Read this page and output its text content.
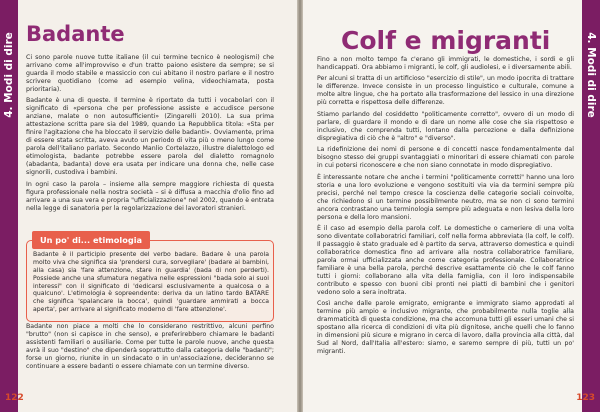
4. Modi di dire Badante

Ci sono parole nuove tutte italiane (il cui termine tecnico è neologismi) che arrivano come all'improvviso e d'un tratto paiono esistere da sempre; se si guarda il modo stabile e massiccio con cui abitano il nostro parlare e il nostro scrivere quotidiano (come ad esempio velina, videochiamata, posta prioritaria).

Badante è una di queste. Il termine è riportato da tutti i vocabolari con il significato di «persona che per professione assiste e accudisce persone anziane, malate o non autosufficienti» (Zingarelli 2010). La sua prima attestazione scritta pare sia del 1989, quando La Repubblica titola: «Sta per finire l'agitazione che ha bloccato il servizio delle badanti». Ovviamente, prima di essere stata scritta, aveva avuto un periodo di vita più o meno lungo come parola dell'italiano parlato. Secondo Manlio Cortelazzo, illustre dialettologo ed etimologista, badante potrebbe essere parola del dialetto romagnolo (abadanta, badanta) dove era usata per indicare una donna che, nelle case signorili, custodiva i bambini.

In ogni caso la parola – insieme alla sempre maggiore richiesta di questa figura professionale nella nostra società – si è diffusa a macchia d'olio fino ad arrivare a una sua vera e propria "ufficializzazione" nel 2002, quando è entrata nella legge di sanatoria per la regolarizzazione dei lavoratori stranieri.

Badante è il participio presente del verbo badare. Badare è una parola molto viva che significa sia 'prendersi cura, sorvegliare' (badare ai bambini, alla casa) sia 'fare attenzione, stare in guardia' (bada di non perderti). Possiede anche una sfumatura negativa nelle espressioni "bada solo ai suoi interessi" con il significato di 'dedicarsi esclusivamente a qualcosa o a qualcuno'. L'etimologia è sopreendente: deriva da un latino tardo BATARE che significa 'spalancare la bocca', quindi 'guardare ammirati a bocca aperta', per arrivare al significato moderno di 'fare attenzione'.
Un po' di... etimologia

Badante non piace a molti che lo considerano restrittivo, alcuni perfino "brutto" (non si capisce in che senso), e preferirebbero chiamare le badanti assistenti familiari o ausiliarie. Come per tutte le parole nuove, anche questa avrà il suo "destino" che dipenderà soprattutto dalla categoria delle "badanti"; forse un giorno, riunite in un sindacato o in un'associazione, decideranno se continuare a essere badanti o essere chiamate con un termine diverso.

122
4. Modi di dire
Colf e migranti

Fino a non molto tempo fa c'erano gli immigrati, le domestiche, i sordi e gli handicappati. Ora abbiamo i migranti, le colf, gli audiolesi, e i diversamente abili.

Per alcuni si tratta di un artificioso "esercizio di stile", un modo ipocrita di trattare le differenze. Invece consiste in un processo linguistico e culturale, comune a molte altre lingue, che ha portato alla trasformazione del lessico in una direzione più corretta e rispettosa delle differenze.

Stiamo parlando del cosiddetto "politicamente corretto", ovvero di un modo di parlare, di guardare il mondo e di dare un nome alle cose che sia rispettoso e inclusivo, che comprenda tutti, lontano dalla percezione e dalla definizione dispregiativa di ciò che è "altro" e "diverso".

La ridefinizione dei nomi di persone e di concetti nasce fondamentalmente dal bisogno stesso dei gruppi svantaggiati o minoritari di essere chiamati con parole in cui potersi riconoscere e che non siano connotate in modo dispregiativo.

È interessante notare che anche i termini "politicamente corretti" hanno una loro storia e una loro evoluzione e vengono sostituiti via via da termini sempre più precisi, perché nel tempo cresce la coscienza delle categorie sociali coinvolte, che richiedono sì un termine possibilmente neutro, ma se non ci sono termini ancora contrastano una terminologia sempre più adeguata e non lesiva della loro persona e della loro mansioni.

È il caso ad esempio della parola colf. Le domestiche o cameriere di una volta sono diventate collaboratrici familiari, colf nella forma abbreviata (la colf, le colf). Il passaggio è stato graduale ed è partito da serva, attraverso domestica e quindi collaboratrice domestica fino ad arrivare alla nostra collaboratrice familiare, parola ormai ufficializzata anche come categoria professionale. Collaboratrice familiare è una bella parola, perché descrive esattamente ciò che le colf fanno tutti i giorni: collaborano alla vita della famiglia, con il loro indispensabile contributo e spesso con buoni cibi pronti nei piatti di bambini che i genitori vedono solo a sera inoltrata.

Così anche dalle parole emigrato, emigrante e immigrato siamo approdati al termine più ampio e inclusivo migrante, che probabilmente nulla toglie alla drammaticità di questa condizione, ma che accomuna tutti gli esseri umani che si spostano alla ricerca di condizioni di vita più dignitose, anche quelli che lo fanno in dimensioni più sicure e migrano in cerca di lavoro, dalla provincia alla città, dal Sud al Nord, dall'Italia all'estero: siamo, e saremo sempre di più, tutti un po' migranti.

123
